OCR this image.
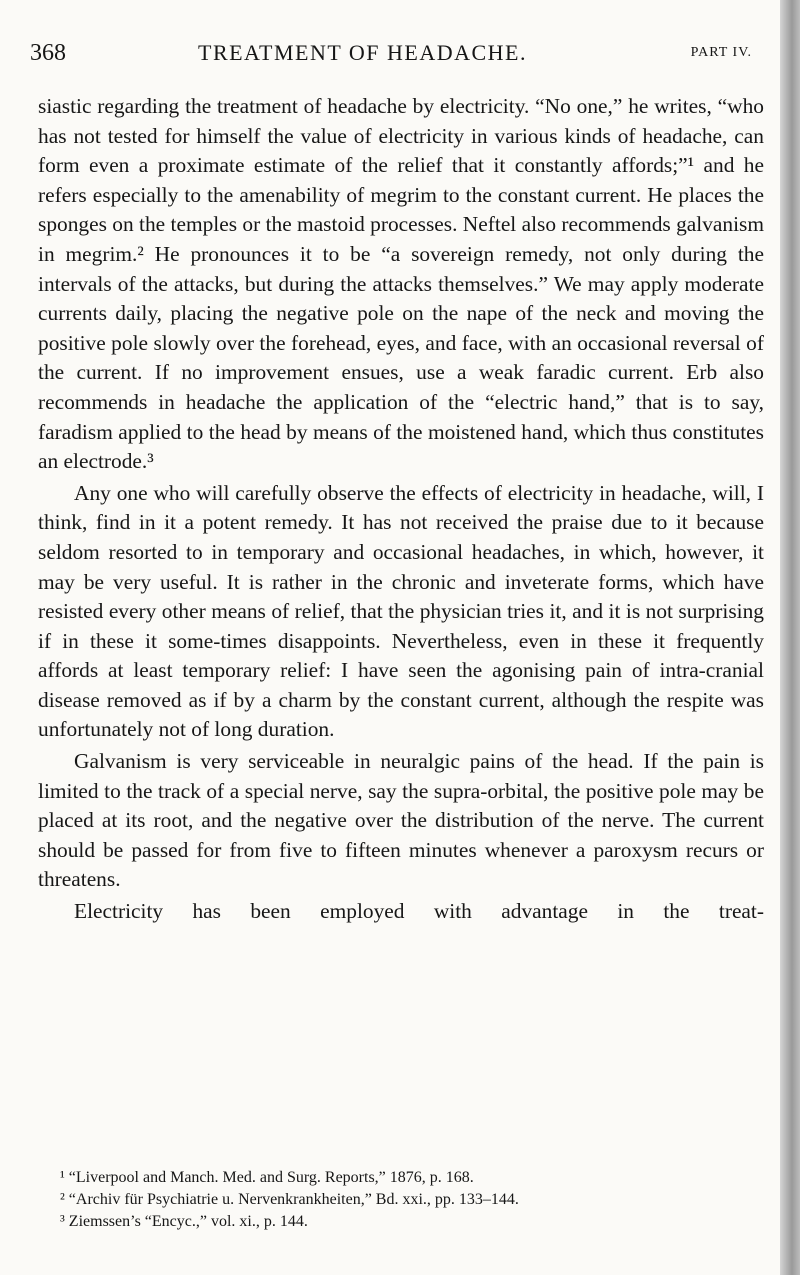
368	TREATMENT OF HEADACHE.	PART IV.

siastic regarding the treatment of headache by electricity. “No one,” he writes, “who has not tested for himself the value of electricity in various kinds of headache, can form even a proximate estimate of the relief that it constantly affords;”¹ and he refers especially to the amenability of megrim to the constant current. He places the sponges on the temples or the mastoid processes. Neftel also recommends galvanism in megrim.² He pronounces it to be “a sovereign remedy, not only during the intervals of the attacks, but during the attacks themselves.” We may apply moderate currents daily, placing the negative pole on the nape of the neck and moving the positive pole slowly over the forehead, eyes, and face, with an occasional reversal of the current. If no improvement ensues, use a weak faradic current. Erb also recommends in headache the application of the “electric hand,” that is to say, faradism applied to the head by means of the moistened hand, which thus constitutes an electrode.³

Any one who will carefully observe the effects of electricity in headache, will, I think, find in it a potent remedy. It has not received the praise due to it because seldom resorted to in temporary and occasional headaches, in which, however, it may be very useful. It is rather in the chronic and inveterate forms, which have resisted every other means of relief, that the physician tries it, and it is not surprising if in these it some-times disappoints. Nevertheless, even in these it frequently affords at least temporary relief: I have seen the agonising pain of intra-cranial disease removed as if by a charm by the constant current, although the respite was unfortunately not of long duration.

Galvanism is very serviceable in neuralgic pains of the head. If the pain is limited to the track of a special nerve, say the supra-orbital, the positive pole may be placed at its root, and the negative over the distribution of the nerve. The current should be passed for from five to fifteen minutes whenever a paroxysm recurs or threatens.

Electricity has been employed with advantage in the treat-

¹ “Liverpool and Manch. Med. and Surg. Reports,” 1876, p. 168.
² “Archiv für Psychiatrie u. Nervenkrankheiten,” Bd. xxi., pp. 133–144.
³ Ziemssen’s “Encyc.,” vol. xi., p. 144.
